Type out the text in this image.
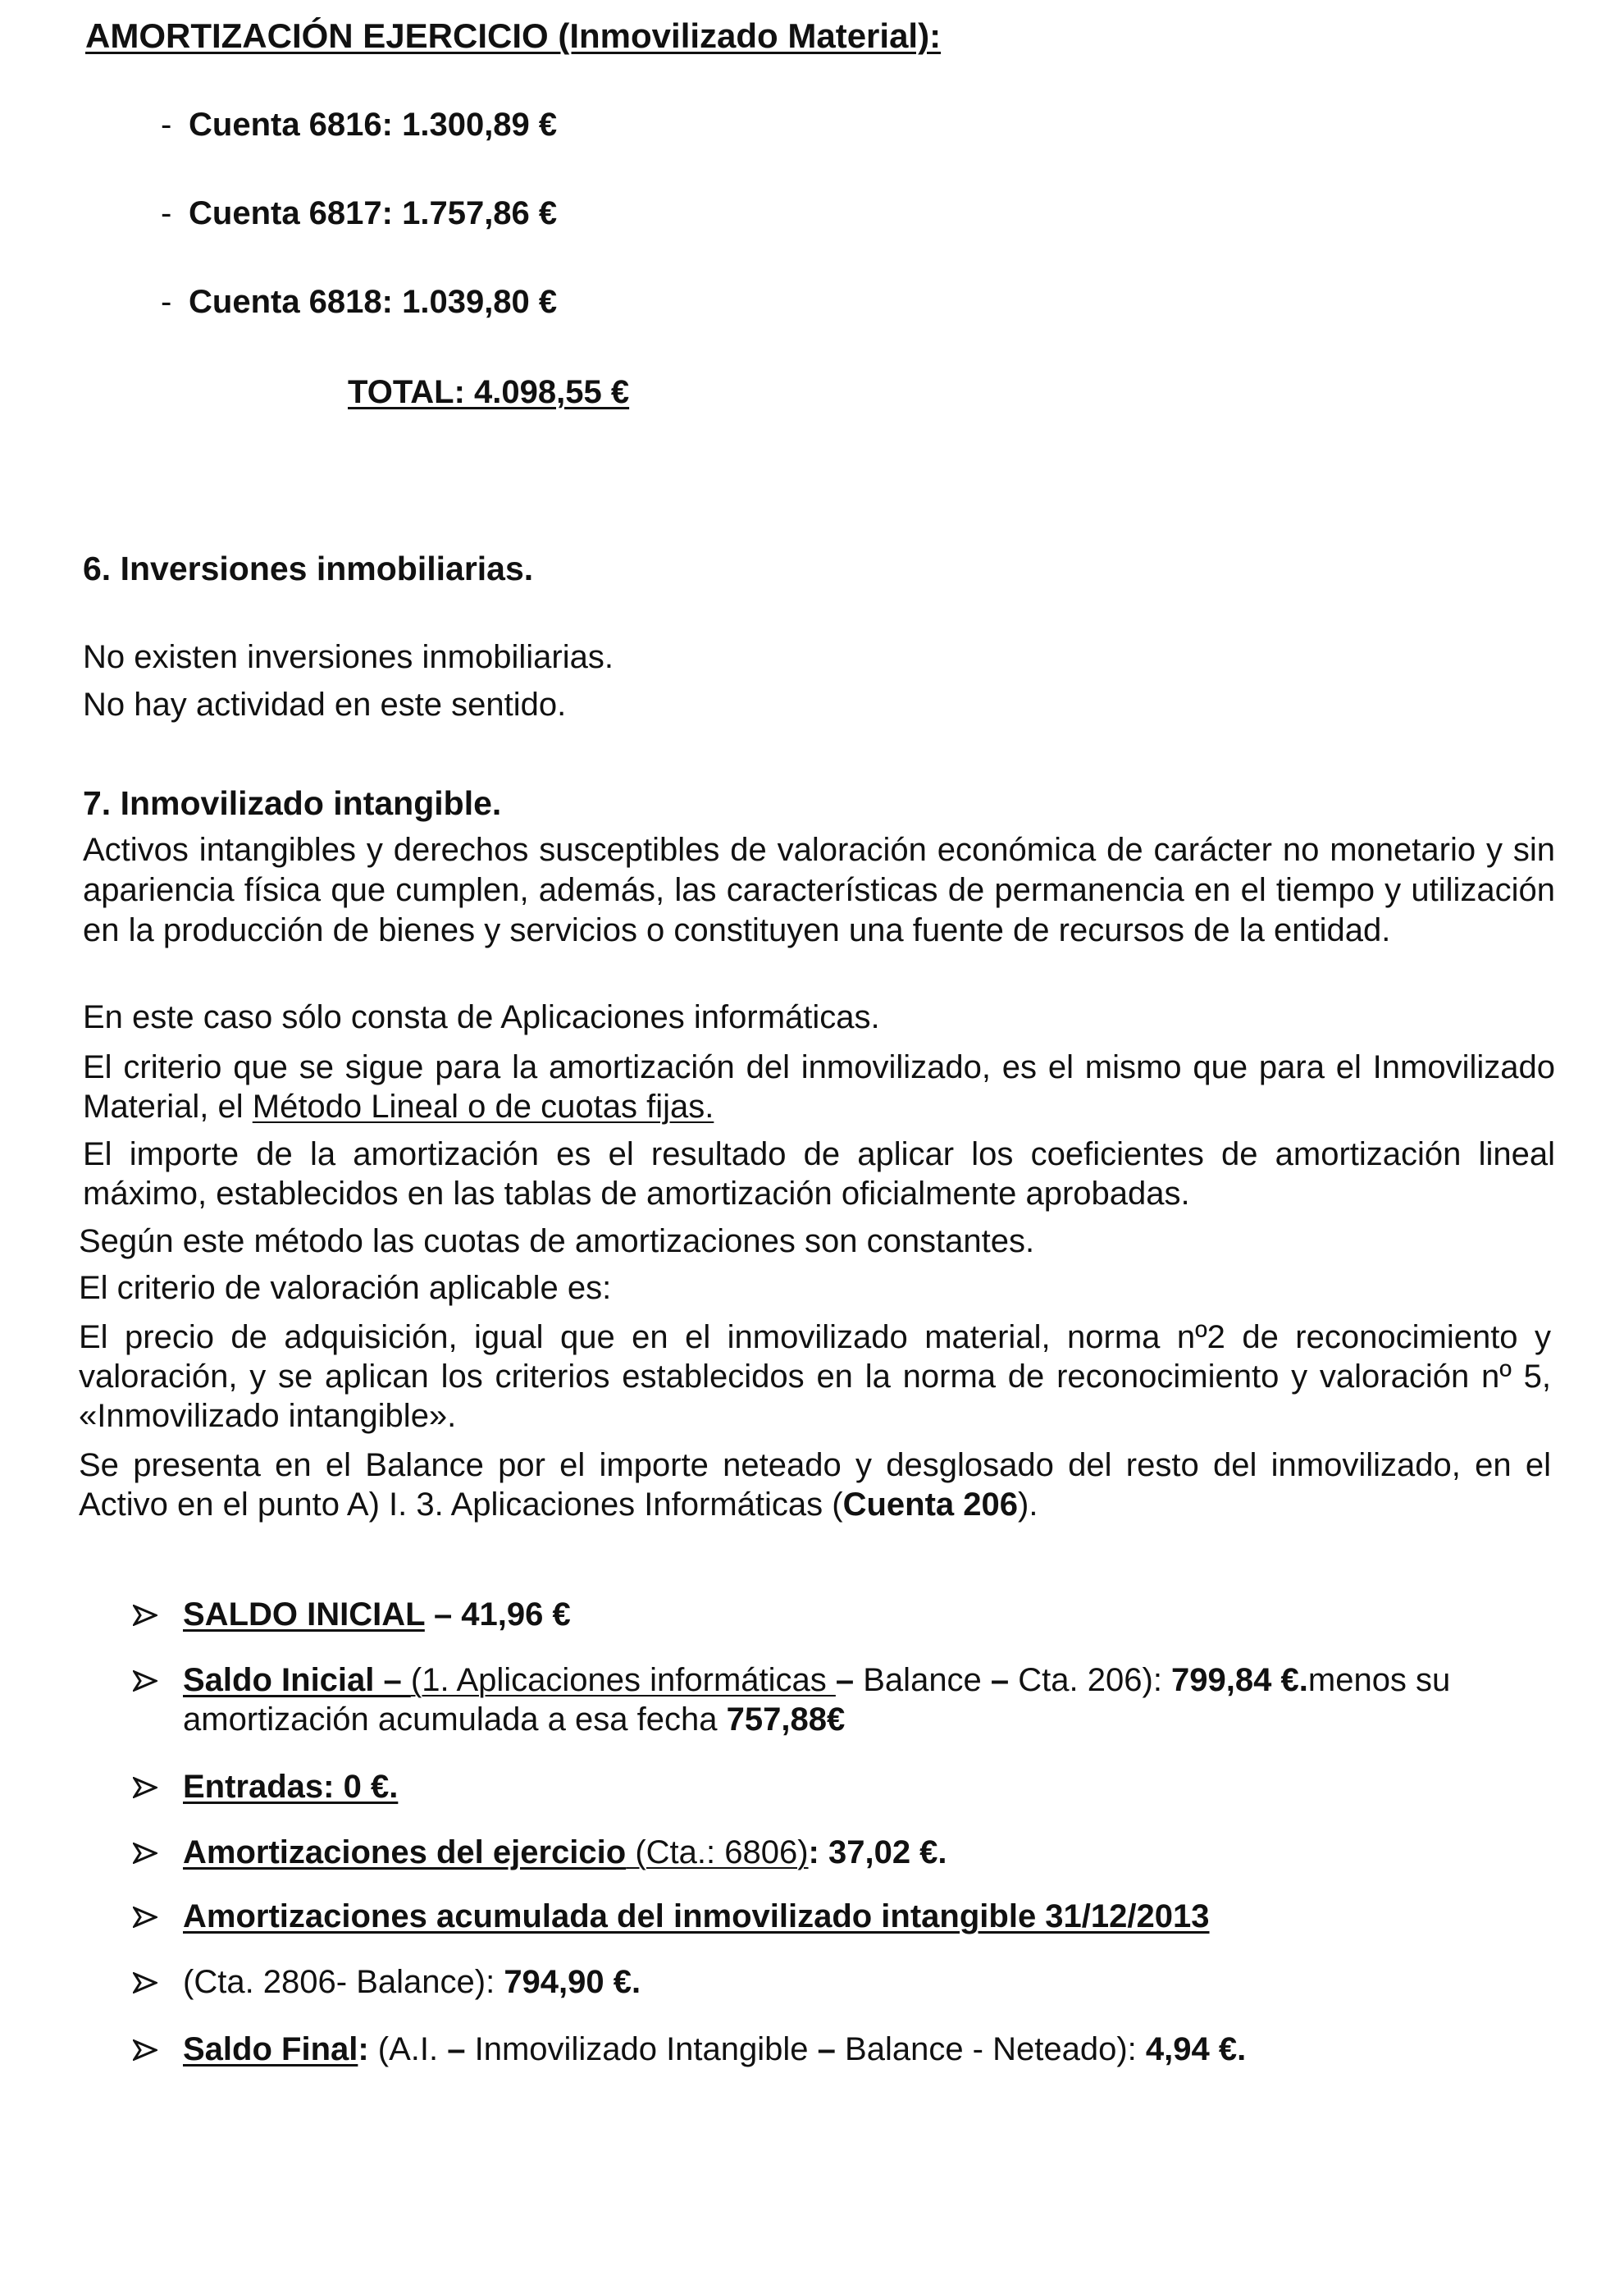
AMORTIZACIÓN EJERCICIO (Inmovilizado Material):
- Cuenta 6816: 1.300,89 €
- Cuenta 6817: 1.757,86 €
- Cuenta 6818: 1.039,80 €
TOTAL: 4.098,55 €
6. Inversiones inmobiliarias.
No existen inversiones inmobiliarias.
No hay actividad en este sentido.
7. Inmovilizado intangible.
Activos intangibles y derechos susceptibles de valoración económica de carácter no monetario y sin apariencia física que cumplen, además, las características de permanencia en el tiempo y utilización en la producción de bienes y servicios o constituyen una fuente de recursos de la entidad.
En este caso sólo consta de Aplicaciones informáticas.
El criterio que se sigue para la amortización del inmovilizado, es el mismo que para el Inmovilizado Material, el Método Lineal o de cuotas fijas.
El importe de la amortización es el resultado de aplicar los coeficientes de amortización lineal máximo, establecidos en las tablas de amortización oficialmente aprobadas.
Según este método las cuotas de amortizaciones son constantes.
El criterio de valoración aplicable es:
El precio de adquisición, igual que en el inmovilizado material, norma nº2 de reconocimiento y valoración, y se aplican los criterios establecidos en la norma de reconocimiento y valoración nº 5, «Inmovilizado intangible».
Se presenta en el Balance por el importe neteado y desglosado del resto del inmovilizado, en el Activo en el punto A) I. 3. Aplicaciones Informáticas (Cuenta 206).
SALDO INICIAL – 41,96 €
Saldo Inicial – (1. Aplicaciones informáticas – Balance – Cta. 206): 799,84 €.menos su
amortización acumulada a esa fecha 757,88€
Entradas: 0 €.
Amortizaciones del ejercicio (Cta.: 6806): 37,02 €.
Amortizaciones acumulada del inmovilizado intangible 31/12/2013
(Cta. 2806- Balance): 794,90 €.
Saldo Final: (A.I. – Inmovilizado Intangible – Balance - Neteado): 4,94 €.
